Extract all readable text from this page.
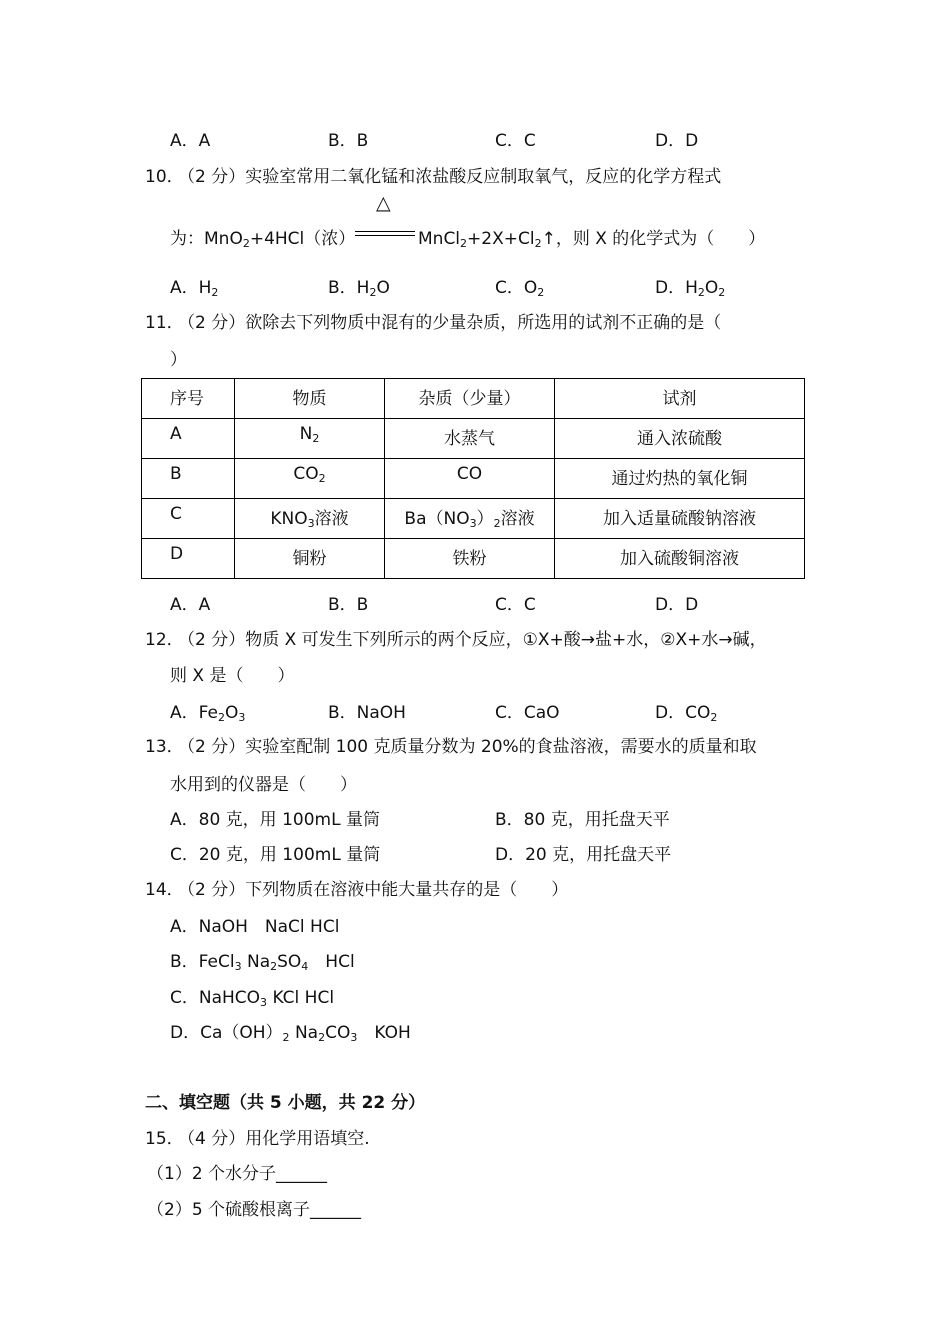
A．A	B．B	C．C	D．D
10．
（2 分）实验室常用二氧化锰和浓盐酸反应制取氧气，反应的化学方程式
为：MnO$_2$+4HCl（浓）
△
$MnCl_2+2X+Cl_2↑$，则 X 的化学式为（　　）
A．$H_2$	B．$H_2O$	C．$O_2$	D．$H_2O_2$
11．
（2 分）欲除去下列物质中混有的少量杂质，所选用的试剂不正确的是（
）
序号	物质	杂质（少量）	试剂
A	$N_2$	水蒸气	通入浓硫酸
B	$CO_2$	CO	通过灼热的氧化铜
C	$KNO_3$溶液	$Ba(NO_3)_2$溶液	加入适量硫酸钠溶液
D	铜粉	铁粉	加入硫酸铜溶液
A．A	B．B	C．C	D．D
12．
（2 分）物质 X 可发生下列所示的两个反应，①X+酸→盐+水，②X+水→碱，
则 X 是（　　）
A．$Fe_2O_3$	B．NaOH	C．CaO	D．$CO_2$
13．
（2 分）实验室配制 100 克质量分数为 20%的食盐溶液，需要水的质量和取
水用到的仪器是（　　）
A．80 克，用 100mL 量筒	B．80 克，用托盘天平
C．20 克，用 100mL 量筒	D．20 克，用托盘天平
14．
（2 分）下列物质在溶液中能大量共存的是（　　）
A．NaOH　NaCl HCl
B．FeCl$_3$ $Na_2SO_4$　HCl
C．NaHCO$_3$ KCl HCl
D．$Ca(OH)_2$ $Na_2CO_3$　KOH
二、填空题（共 5 小题，共 22 分）
15．
（4 分）用化学用语填空.
（1）2 个水分子______
（2）5 个硫酸根离子______
